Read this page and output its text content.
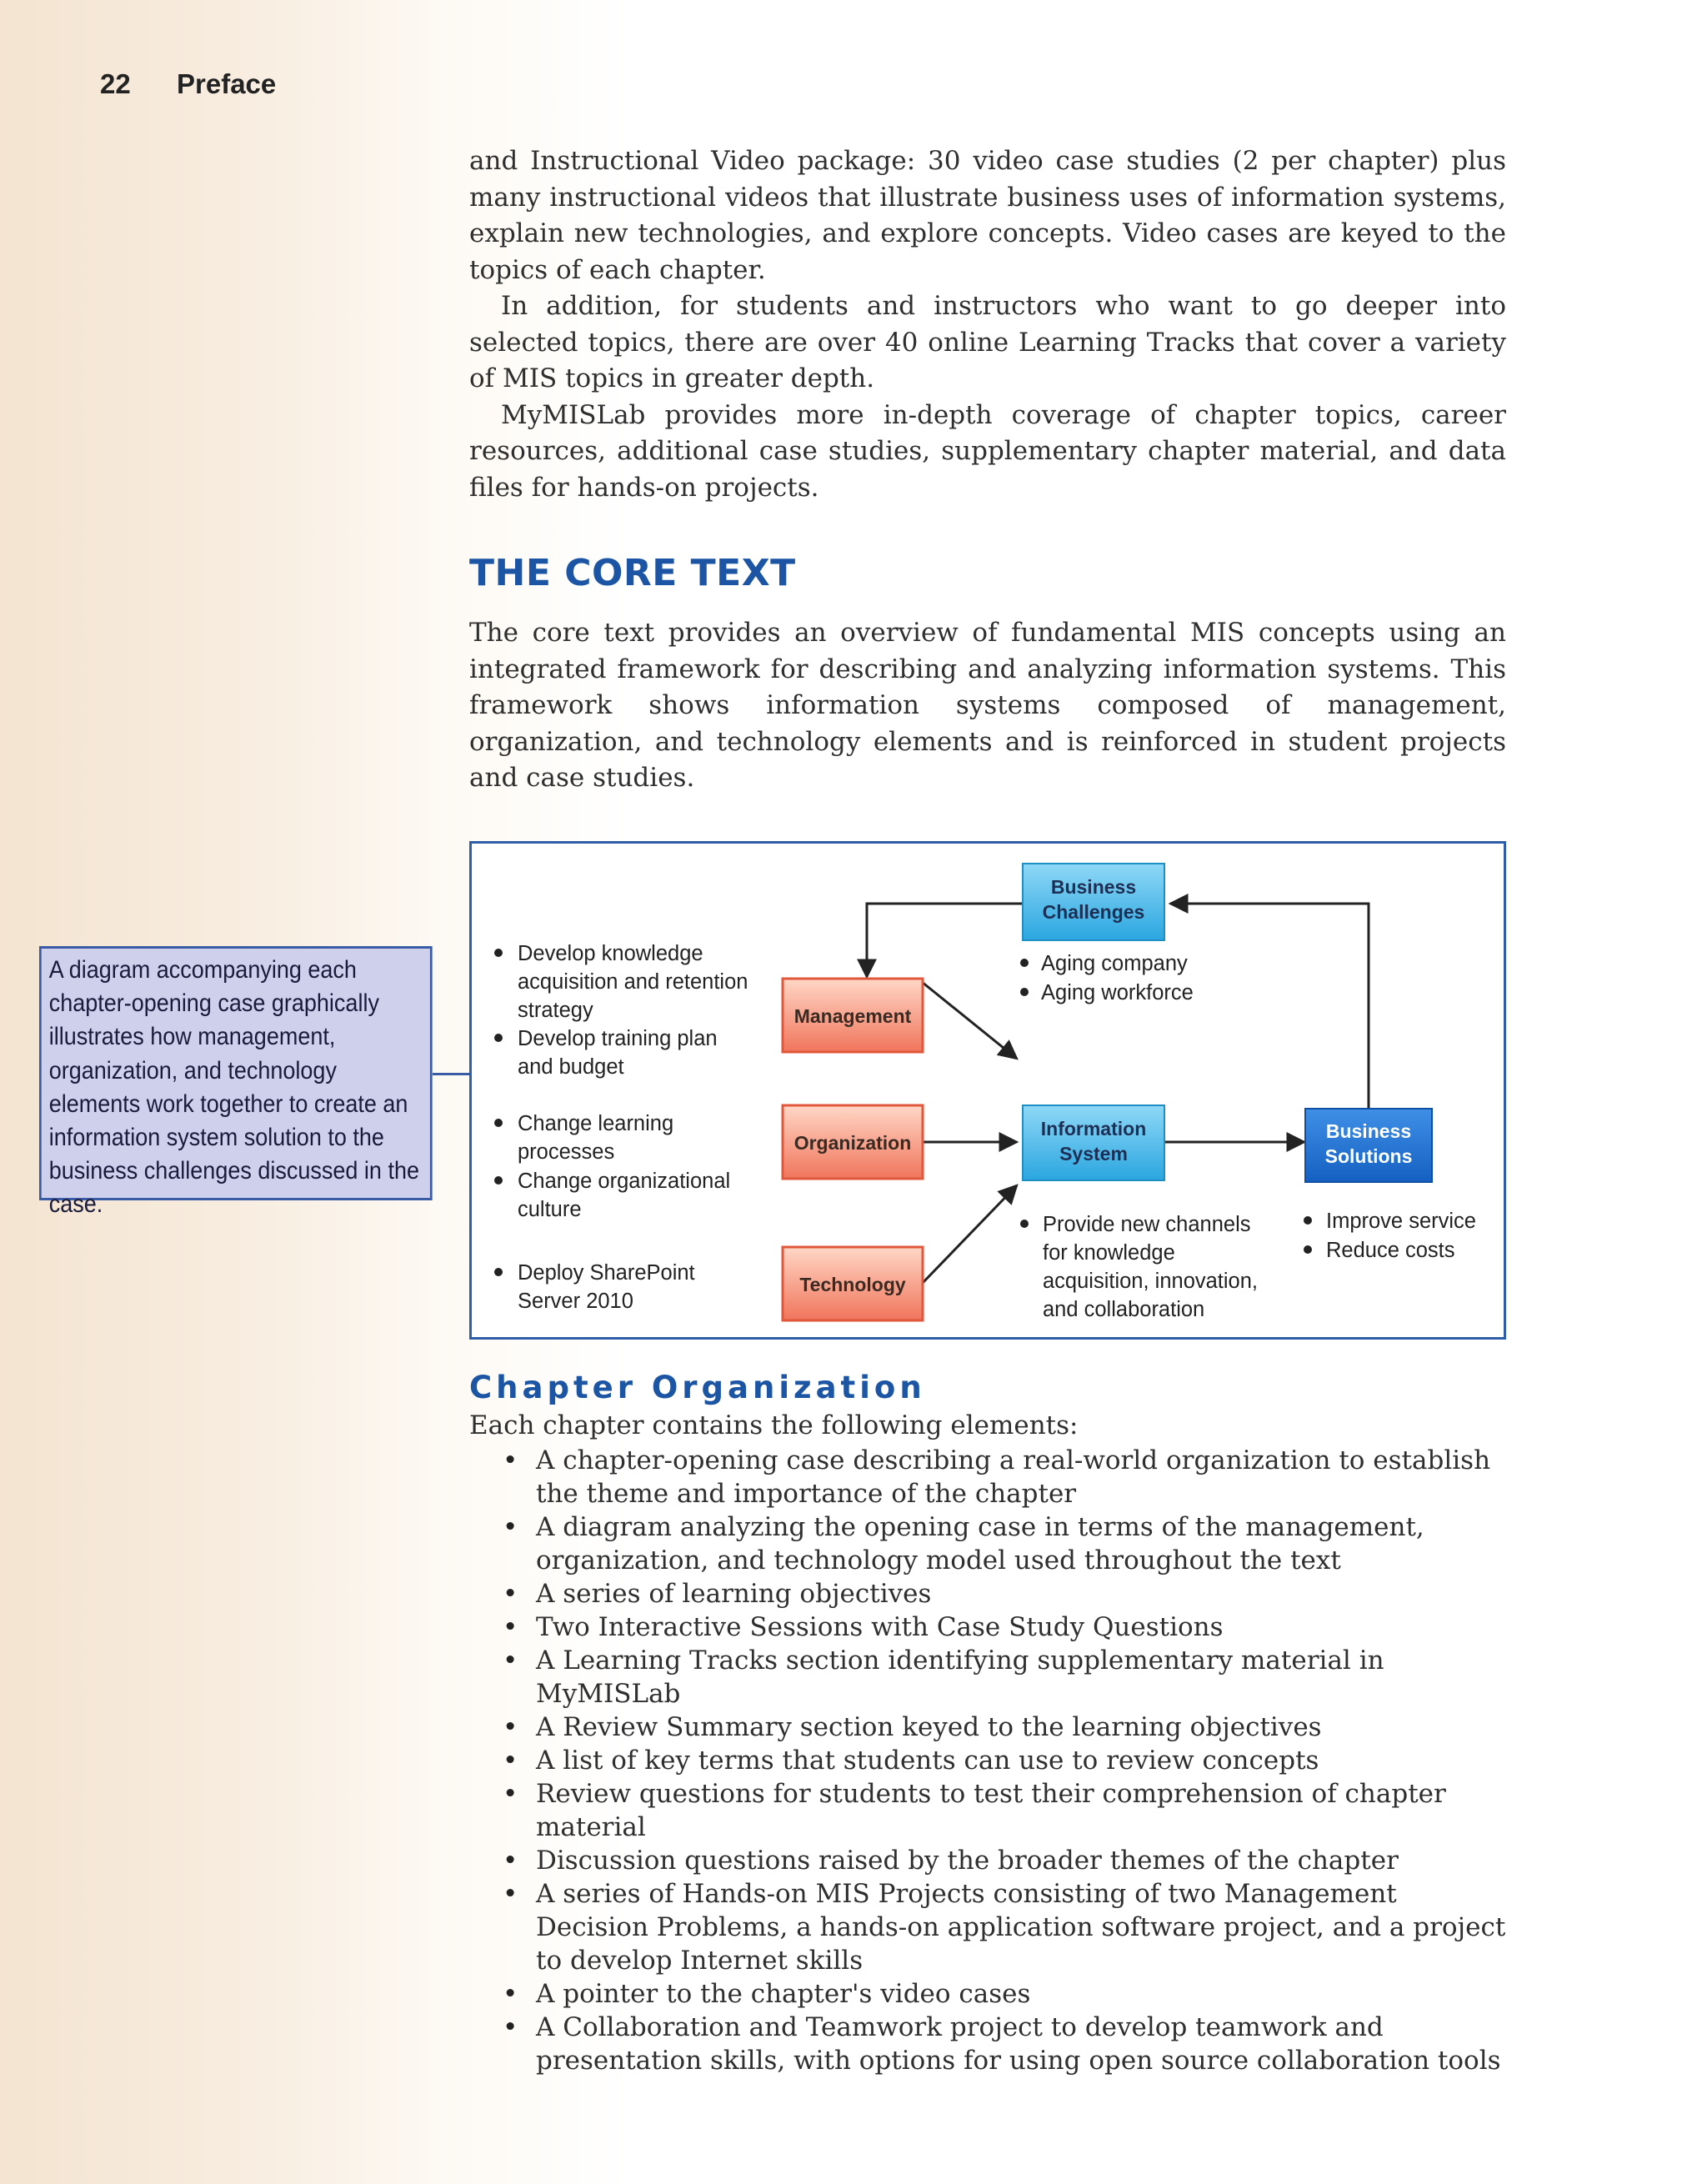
22 Preface

and Instructional Video package: 30 video case studies (2 per chapter) plus many instructional videos that illustrate business uses of information systems, explain new technologies, and explore concepts. Video cases are keyed to the topics of each chapter.

In addition, for students and instructors who want to go deeper into selected topics, there are over 40 online Learning Tracks that cover a variety of MIS topics in greater depth.

MyMISLab provides more in-depth coverage of chapter topics, career resources, additional case studies, supplementary chapter material, and data files for hands-on projects.

THE CORE TEXT

The core text provides an overview of fundamental MIS concepts using an integrated framework for describing and analyzing information systems. This framework shows information systems composed of management, organization, and technology elements and is reinforced in student projects and case studies.

A diagram accompanying each chapter-opening case graphically illustrates how management, organization, and technology elements work together to create an information system solution to the business challenges discussed in the case.
Business
Challenges
Management
Organization
Technology
Information
System
Business
Solutions
Aging company
Aging workforce
Develop knowledge
acquisition and retention
strategy
Develop training plan
and budget
Change learning
processes
Change organizational
culture
Deploy SharePoint
Server 2010
Provide new channels
for knowledge
acquisition, innovation,
and collaboration
Improve service
Reduce costs
Chapter Organization

Each chapter contains the following elements:

• A chapter-opening case describing a real-world organization to establish the theme and importance of the chapter
• A diagram analyzing the opening case in terms of the management, organization, and technology model used throughout the text
• A series of learning objectives
• Two Interactive Sessions with Case Study Questions
• A Learning Tracks section identifying supplementary material in MyMISLab
• A Review Summary section keyed to the learning objectives
• A list of key terms that students can use to review concepts
• Review questions for students to test their comprehension of chapter material
• Discussion questions raised by the broader themes of the chapter
• A series of Hands-on MIS Projects consisting of two Management Decision Problems, a hands-on application software project, and a project to develop Internet skills
• A pointer to the chapter's video cases
• A Collaboration and Teamwork project to develop teamwork and presentation skills, with options for using open source collaboration tools
